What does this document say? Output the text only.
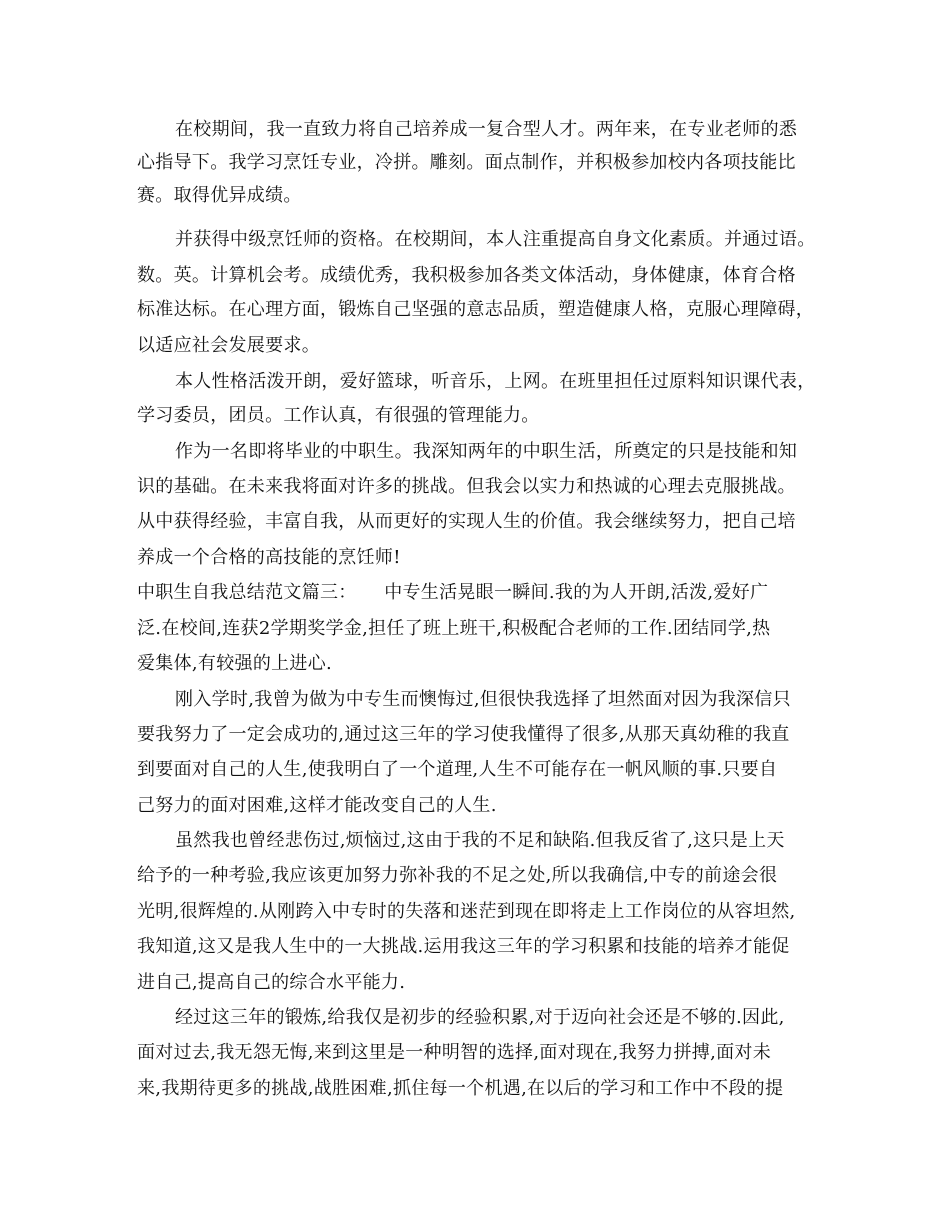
在校期间，我一直致力将自己培养成一复合型人才。两年来，在专业老师的悉
心指导下。我学习烹饪专业，冷拼。雕刻。面点制作，并积极参加校内各项技能比
赛。取得优异成绩。
并获得中级烹饪师的资格。在校期间，本人注重提高自身文化素质。并通过语。
数。英。计算机会考。成绩优秀，我积极参加各类文体活动，身体健康，体育合格
标准达标。在心理方面，锻炼自己坚强的意志品质，塑造健康人格，克服心理障碍，
以适应社会发展要求。
本人性格活泼开朗，爱好篮球，听音乐，上网。在班里担任过原料知识课代表，
学习委员，团员。工作认真，有很强的管理能力。
作为一名即将毕业的中职生。我深知两年的中职生活，所奠定的只是技能和知
识的基础。在未来我将面对许多的挑战。但我会以实力和热诚的心理去克服挑战。
从中获得经验，丰富自我，从而更好的实现人生的价值。我会继续努力，把自己培
养成一个合格的高技能的烹饪师!
中职生自我总结范文篇三：　　中专生活晃眼一瞬间.我的为人开朗,活泼,爱好广
泛.在校间,连获2学期奖学金,担任了班上班干,积极配合老师的工作.团结同学,热
爱集体,有较强的上进心.
刚入学时,我曾为做为中专生而懊悔过,但很快我选择了坦然面对因为我深信只
要我努力了一定会成功的,通过这三年的学习使我懂得了很多,从那天真幼稚的我直
到要面对自己的人生,使我明白了一个道理,人生不可能存在一帆风顺的事.只要自
己努力的面对困难,这样才能改变自己的人生.
虽然我也曾经悲伤过,烦恼过,这由于我的不足和缺陷.但我反省了,这只是上天
给予的一种考验,我应该更加努力弥补我的不足之处,所以我确信,中专的前途会很
光明,很辉煌的.从刚跨入中专时的失落和迷茫到现在即将走上工作岗位的从容坦然,
我知道,这又是我人生中的一大挑战.运用我这三年的学习积累和技能的培养才能促
进自己,提高自己的综合水平能力.
经过这三年的锻炼,给我仅是初步的经验积累,对于迈向社会还是不够的.因此,
面对过去,我无怨无悔,来到这里是一种明智的选择,面对现在,我努力拼搏,面对未
来,我期待更多的挑战,战胜困难,抓住每一个机遇,在以后的学习和工作中不段的提
